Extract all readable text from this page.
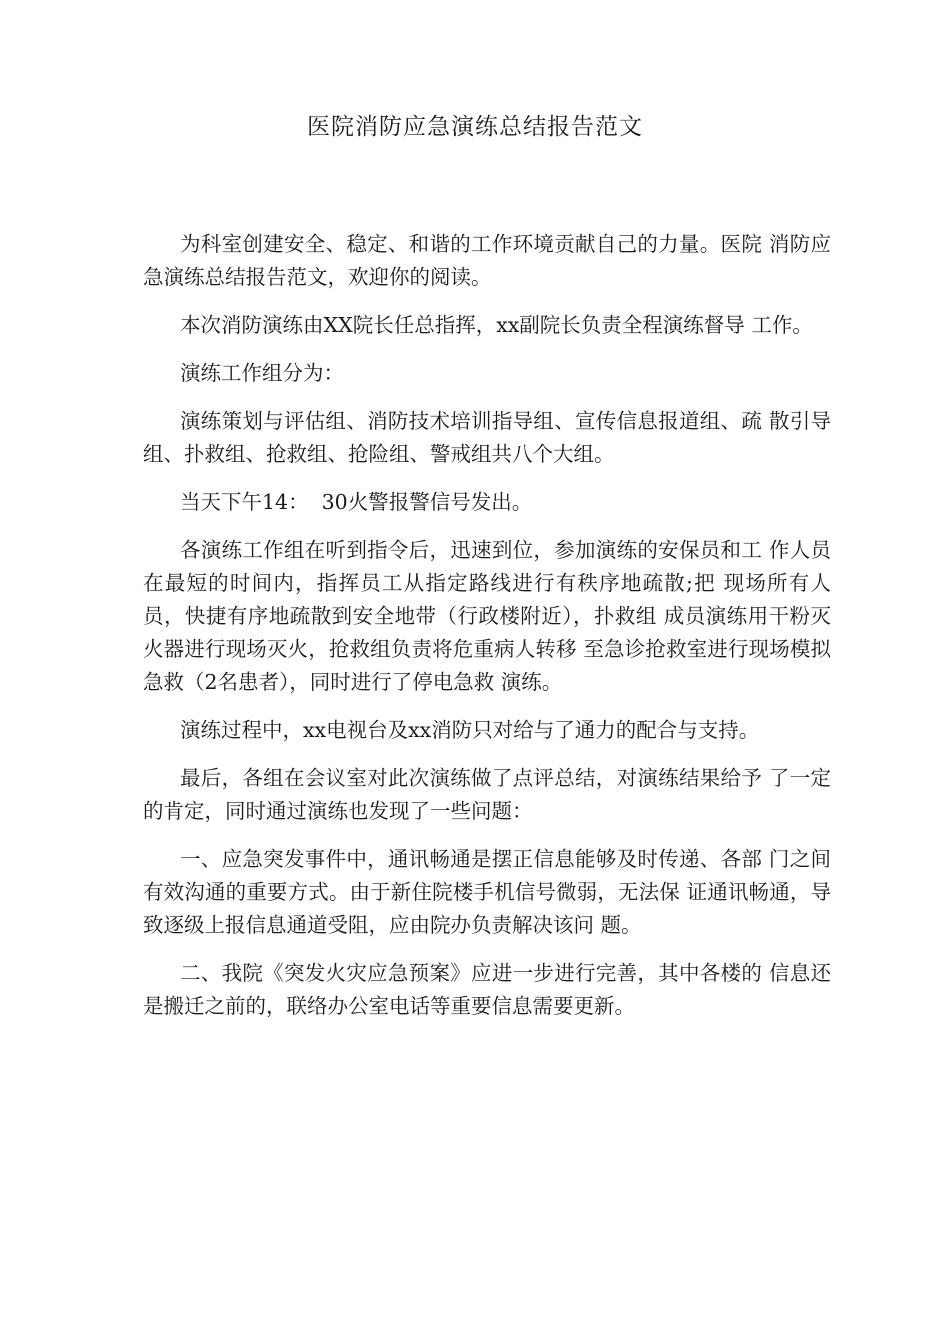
医院消防应急演练总结报告范文

为科室创建安全、稳定、和谐的工作环境贡献自己的力量。医院 消防应急演练总结报告范文，欢迎你的阅读。

本次消防演练由XX院长任总指挥，xx副院长负责全程演练督导 工作。

演练工作组分为：

演练策划与评估组、消防技术培训指导组、宣传信息报道组、疏 散引导组、扑救组、抢救组、抢险组、警戒组共八个大组。

当天下午14：  30火警报警信号发出。

各演练工作组在听到指令后，迅速到位，参加演练的安保员和工 作人员在最短的时间内，指挥员工从指定路线进行有秩序地疏散;把 现场所有人员，快捷有序地疏散到安全地带（行政楼附近），扑救组 成员演练用干粉灭火器进行现场灭火，抢救组负责将危重病人转移 至急诊抢救室进行现场模拟急救（2名患者），同时进行了停电急救 演练。

演练过程中，xx电视台及xx消防只对给与了通力的配合与支持。

最后，各组在会议室对此次演练做了点评总结，对演练结果给予 了一定的肯定，同时通过演练也发现了一些问题：

一、应急突发事件中，通讯畅通是摆正信息能够及时传递、各部 门之间有效沟通的重要方式。由于新住院楼手机信号微弱，无法保 证通讯畅通，导致逐级上报信息通道受阻，应由院办负责解决该问 题。

二、我院《突发火灾应急预案》应进一步进行完善，其中各楼的 信息还是搬迁之前的，联络办公室电话等重要信息需要更新。
